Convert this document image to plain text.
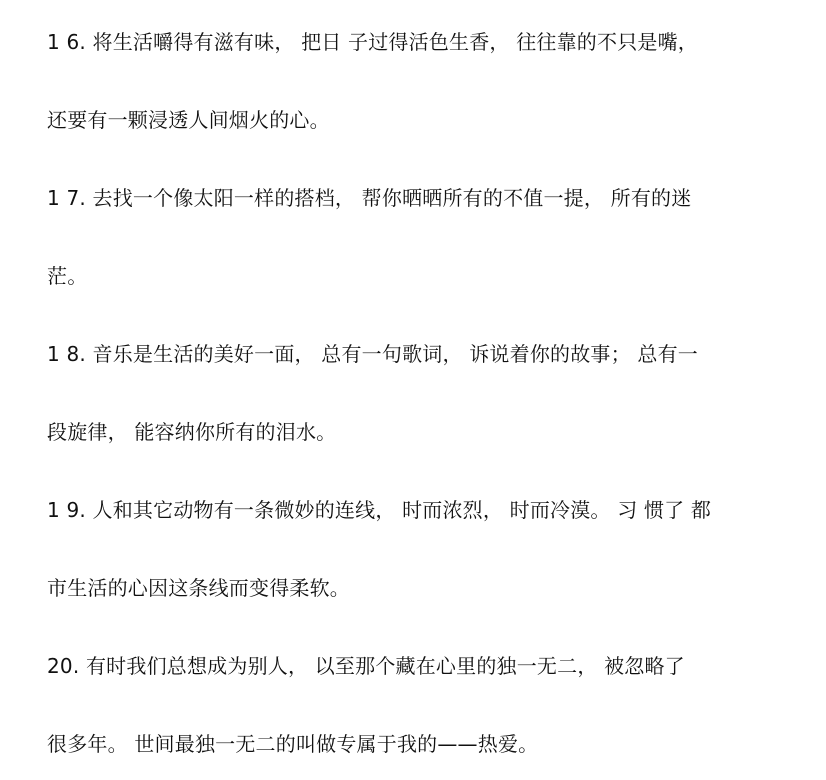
1 6. 将生活嚼得有滋有味， 把日 子过得活色生香， 往往靠的不只是嘴，
还要有一颗浸透人间烟火的心。
1 7. 去找一个像太阳一样的搭档， 帮你晒晒所有的不值一提， 所有的迷
茫。
1 8. 音乐是生活的美好一面， 总有一句歌词， 诉说着你的故事； 总有一
段旋律， 能容纳你所有的泪水。
1 9. 人和其它动物有一条微妙的连线， 时而浓烈， 时而冷漠。 习 惯了 都
市生活的心因这条线而变得柔软。
20. 有时我们总想成为别人， 以至那个藏在心里的独一无二， 被忽略了
很多年。 世间最独一无二的叫做专属于我的——热爱。
